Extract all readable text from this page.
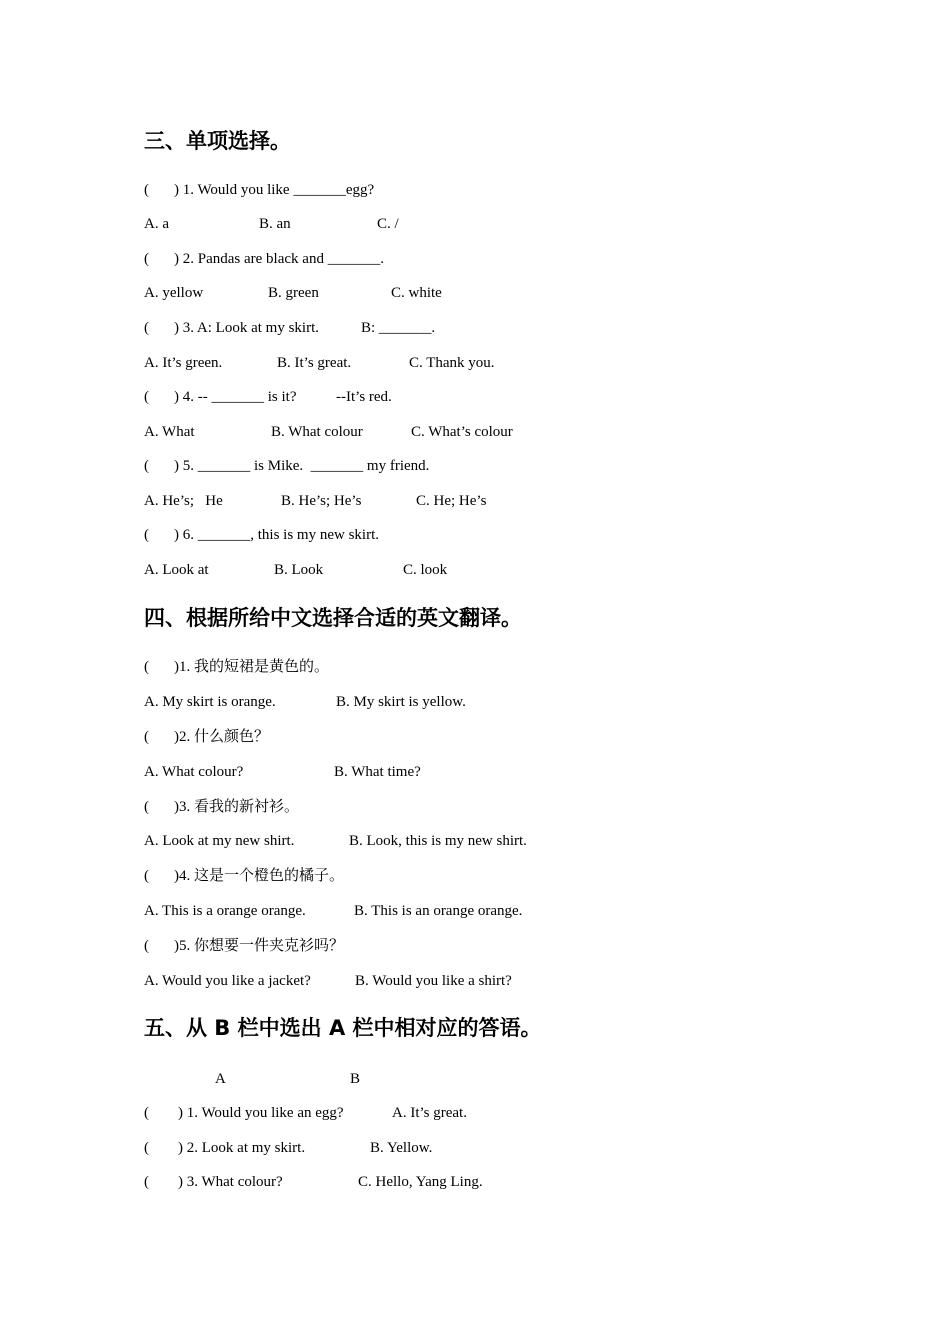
三、单项选择。
( ) 1. Would you like _______egg?
A. a	B. an	C. /
( ) 2. Pandas are black and _______.
A. yellow	B. green	C. white
( ) 3. A: Look at my skirt.	B: _______.
A. It’s green.	B. It’s great.	C. Thank you.
( ) 4. -- _______ is it?	--It’s red.
A. What	B. What colour	C. What’s colour
( ) 5. _______ is Mike.  _______ my friend.
A. He’s;   He	B. He’s; He’s	C. He; He’s
( ) 6. _______, this is my new skirt.
A. Look at	B. Look	C. look
四、根据所给中文选择合适的英文翻译。
( )1. 我的短裙是黄色的。
A. My skirt is orange.	B. My skirt is yellow.
( )2. 什么颜色？
A. What colour?	B. What time?
( )3. 看我的新衬衫。
A. Look at my new shirt.	B. Look, this is my new shirt.
( )4. 这是一个橙色的橘子。
A. This is a orange orange.	B. This is an orange orange.
( )5. 你想要一件夹克衫吗？
A. Would you like a jacket?	B. Would you like a shirt?
五、从 B 栏中选出 A 栏中相对应的答语。
A	B
( ) 1. Would you like an egg?	A. It’s great.
( ) 2. Look at my skirt.	B. Yellow.
( ) 3. What colour?	C. Hello, Yang Ling.
